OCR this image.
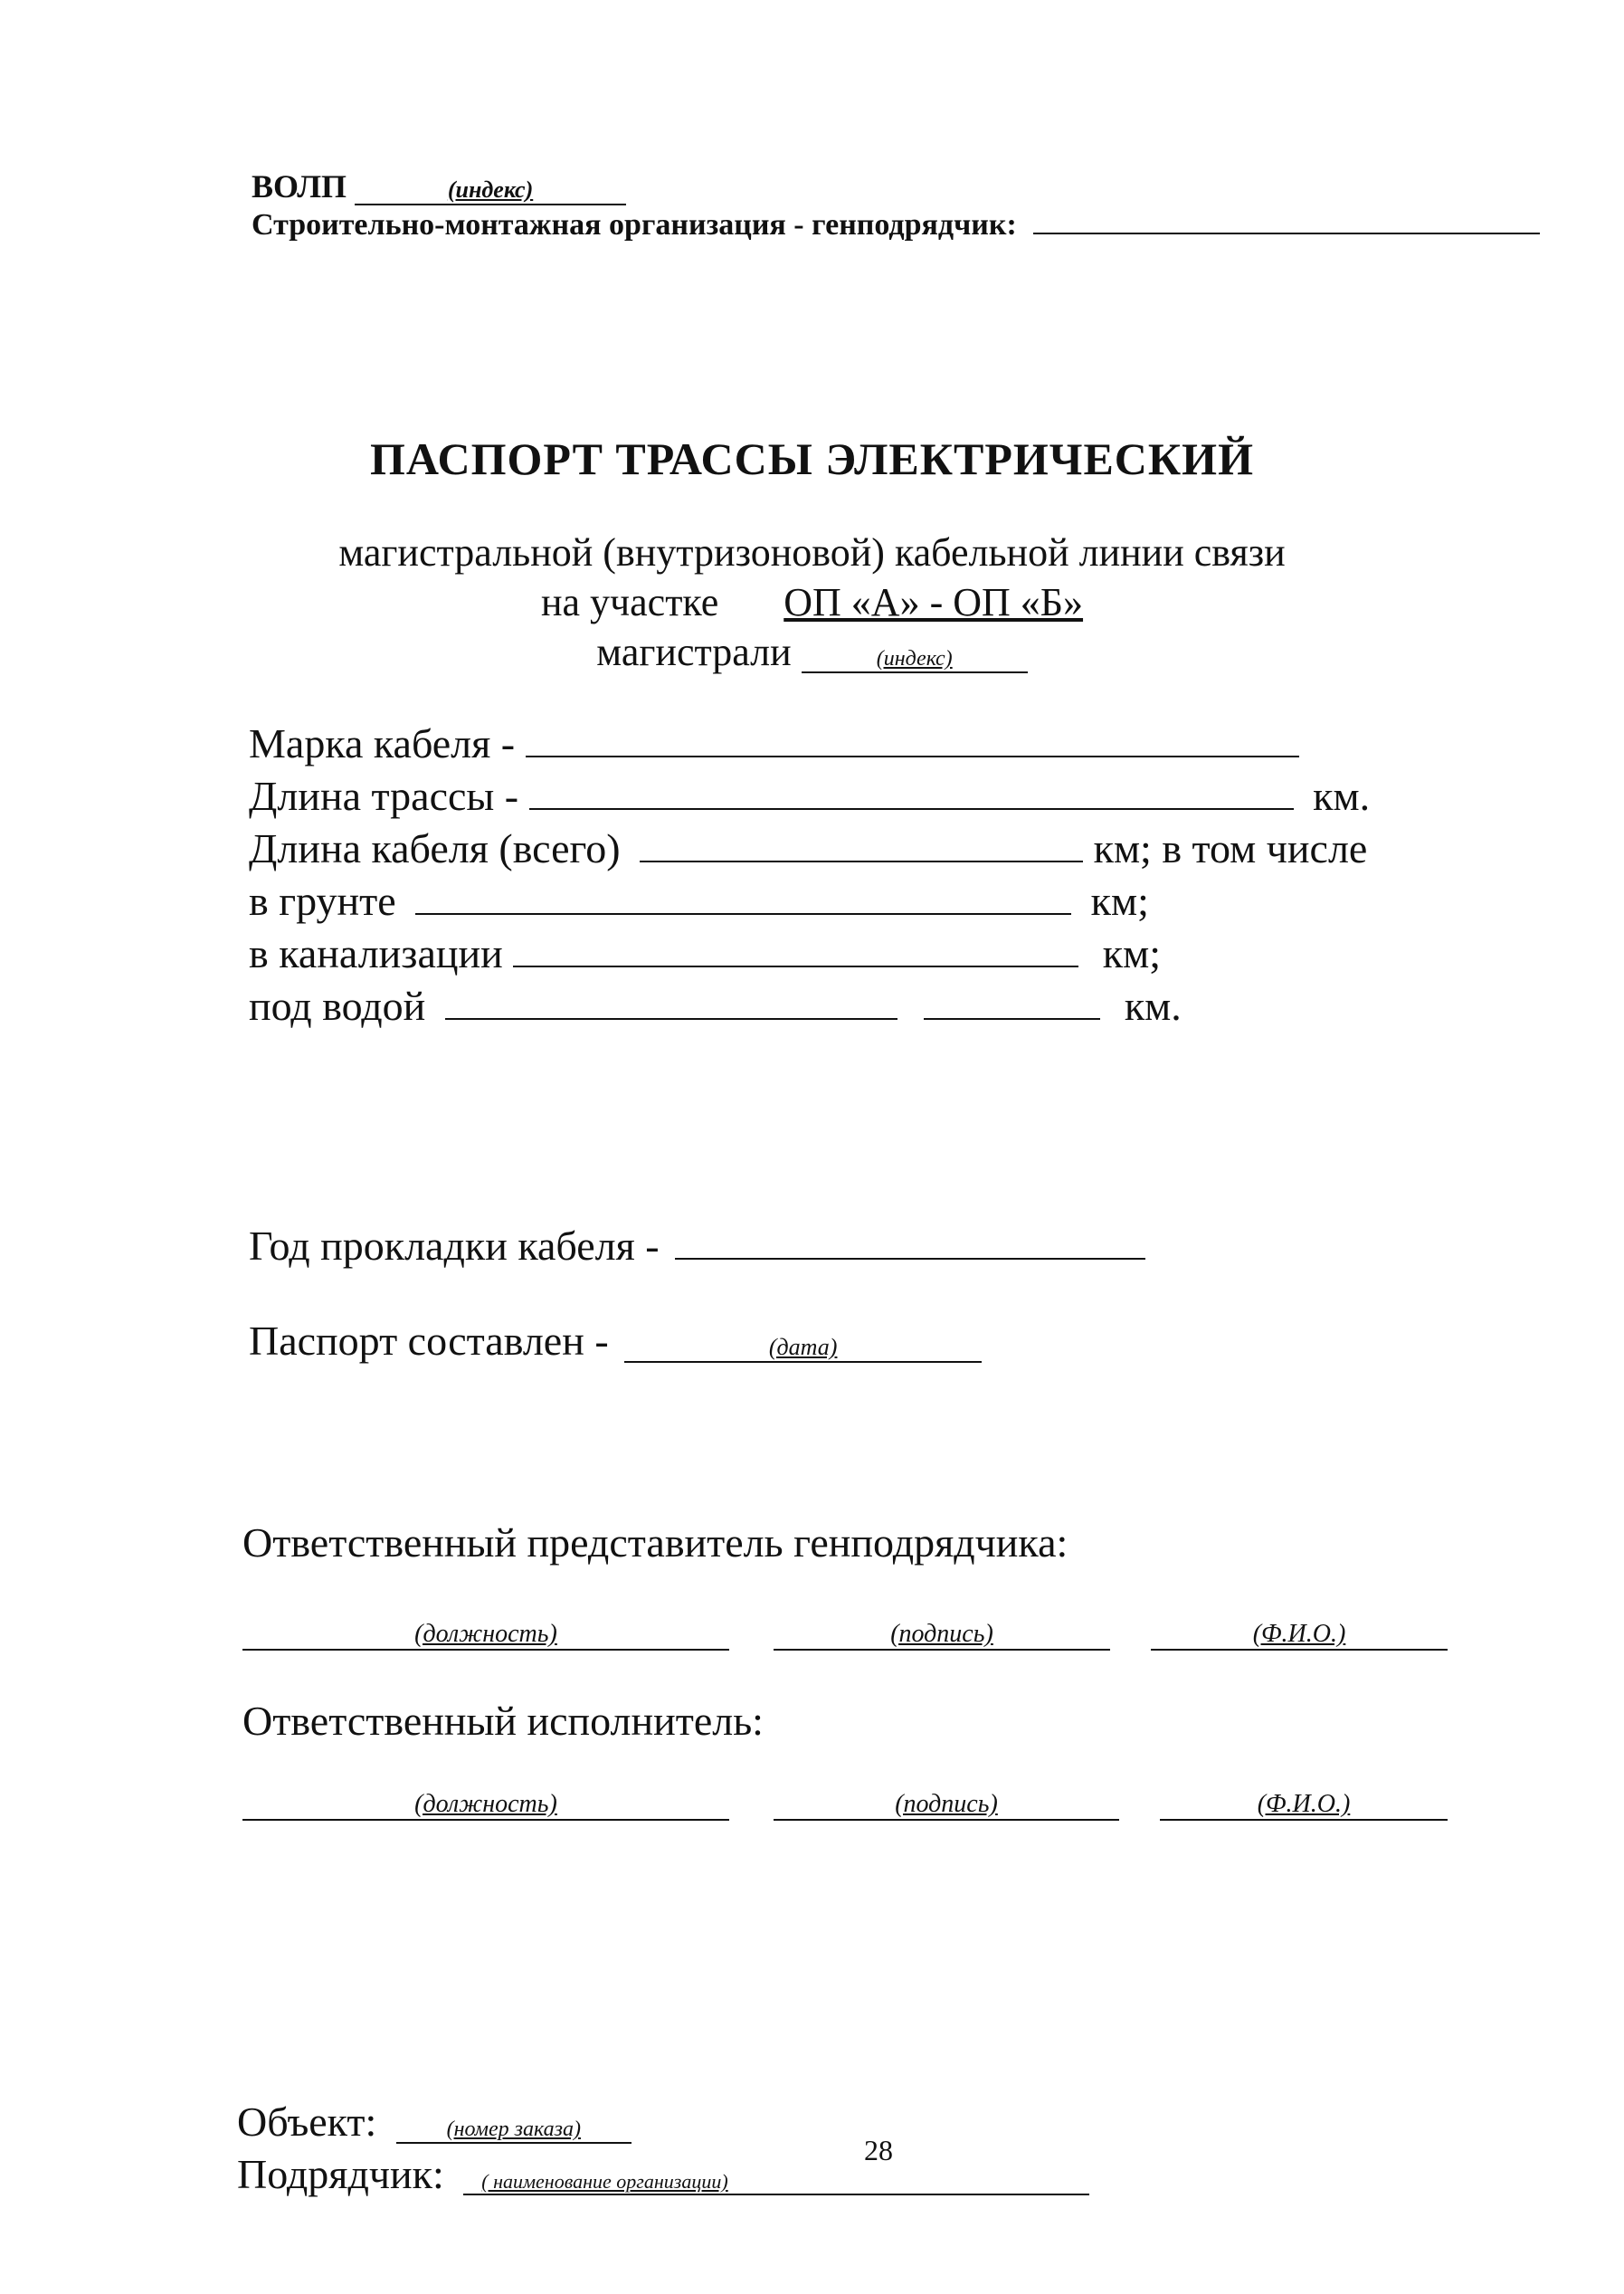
ВОЛП	(индекс)
Строительно-монтажная организация - генподрядчик:
ПАСПОРТ ТРАССЫ ЭЛЕКТРИЧЕСКИЙ
магистральной (внутризоновой) кабельной линии связи
на участке ОП «А» - ОП «Б»
магистрали	(индекс)
Марка кабеля -
Длина трассы -	км.
Длина кабеля (всего)	км; в том числе
в грунте	км;
в канализации	км;
под водой	км.
Год прокладки кабеля -
Паспорт составлен -	(дата)
Ответственный представитель генподрядчика:
(должность)	(подпись)	(Ф.И.О.)
Ответственный исполнитель:
(должность)	(подпись)	(Ф.И.О.)
Объект:	(номер заказа)
Подрядчик: ( наименование организации)
28
